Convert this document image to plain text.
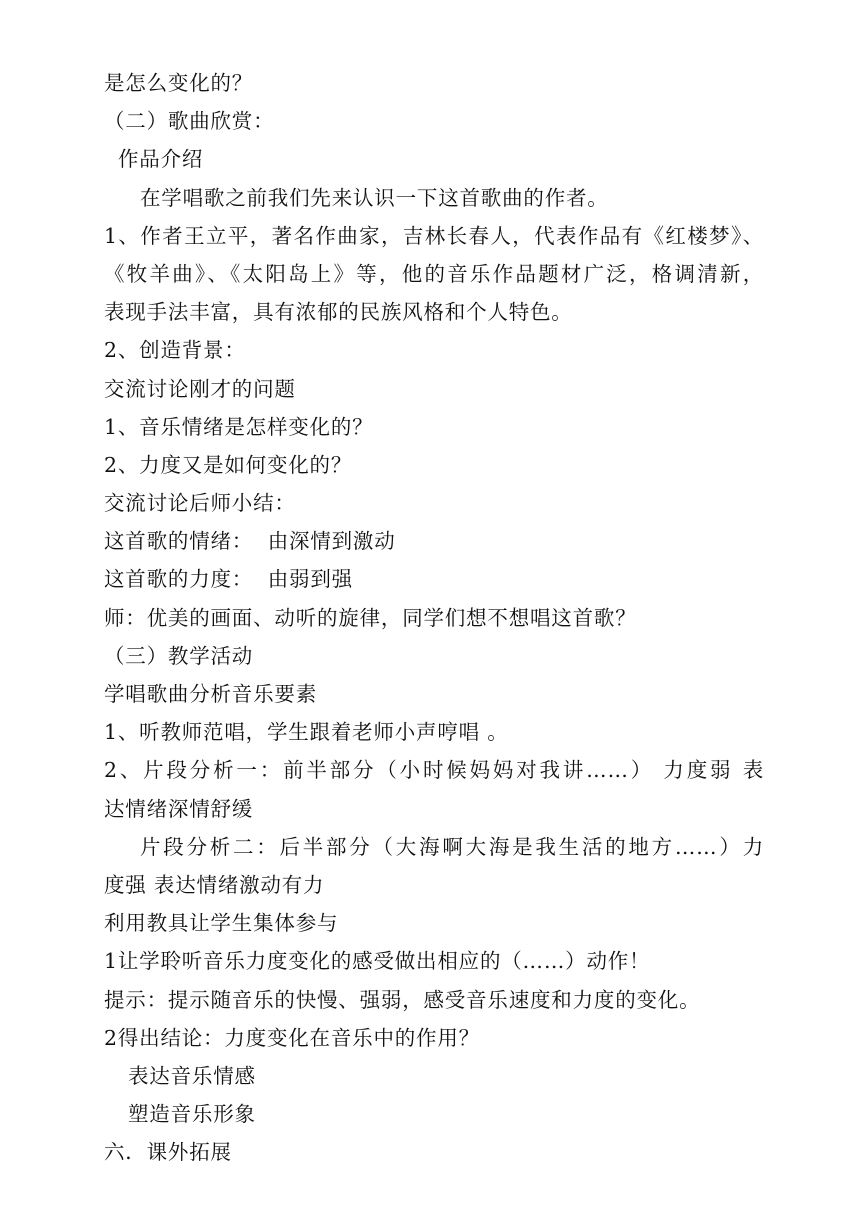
是怎么变化的？
（二）歌曲欣赏：
作品介绍
在学唱歌之前我们先来认识一下这首歌曲的作者。
1、作者王立平，著名作曲家，吉林长春人，代表作品有《红楼梦》、
《牧羊曲》、《太阳岛上》等，他的音乐作品题材广泛，格调清新，
表现手法丰富，具有浓郁的民族风格和个人特色。
2、创造背景：
交流讨论刚才的问题
1、音乐情绪是怎样变化的？
2、力度又是如何变化的？
交流讨论后师小结：
这首歌的情绪：  由深情到激动
这首歌的力度：  由弱到强
师：优美的画面、动听的旋律，同学们想不想唱这首歌？
（三）教学活动
学唱歌曲分析音乐要素
1、听教师范唱，学生跟着老师小声哼唱 。
2、片段分析一：前半部分（小时候妈妈对我讲……） 力度弱 表
达情绪深情舒缓
片段分析二：后半部分（大海啊大海是我生活的地方……）力
度强 表达情绪激动有力
利用教具让学生集体参与
1让学聆听音乐力度变化的感受做出相应的（……）动作！
提示：提示随音乐的快慢、强弱，感受音乐速度和力度的变化。
2得出结论：力度变化在音乐中的作用？
表达音乐情感
塑造音乐形象
六．课外拓展
